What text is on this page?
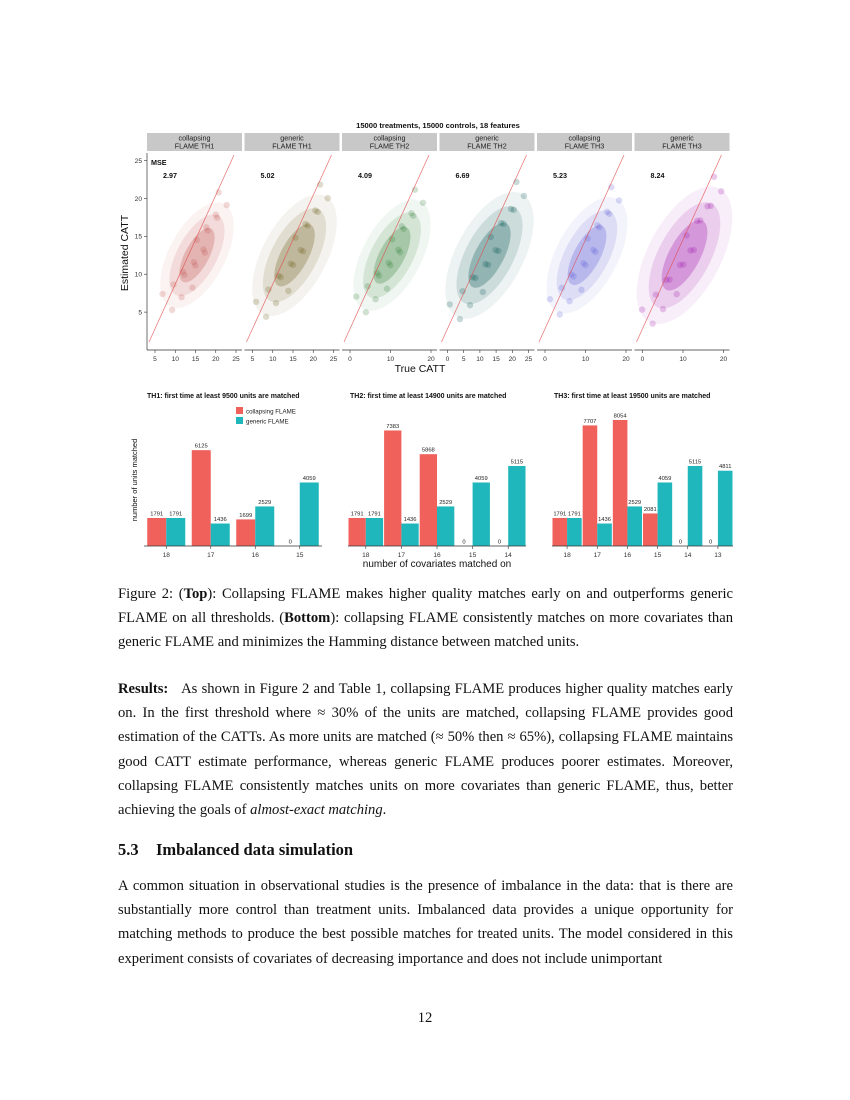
15000 treatments, 15000 controls, 18 features
collapsing
FLAME TH1
MSE
2.97
5 10 15 20 25
generic
FLAME TH1
5.02
5 10 15 20 25
collapsing
FLAME TH2
4.09
0	10	20
generic
FLAME TH2
6.69
0 5 10 15 20 25
collapsing
FLAME TH3
5.23
0	10	20
generic
FLAME TH3
8.24
0	10	20
25
20
15
10
5
Estimated CATT
True CATT
TH1: first time at least 9500 units are matched
1791 1791
18
6125
1436
17
1699
2529
16
0
4059
15
TH2: first time at least 14900 units are matched
1791 1791
18
7383
1436
17
5868
2529
16
0
4059
15
0
5115
14
TH3: first time at least 19500 units are matched
1791 1791
18
7707
1436
17
8054
2529
16
2081
4059
15
0
5115
14
0
4811
13
collapsing FLAME
generic FLAME
number of units matched
number of covariates matched on
Figure 2: (Top): Collapsing FLAME makes higher quality matches early on and outperforms generic FLAME on all thresholds. (Bottom): collapsing FLAME consistently matches on more covariates than generic FLAME and minimizes the Hamming distance between matched units.
Results: As shown in Figure 2 and Table 1, collapsing FLAME produces higher quality matches early on. In the first threshold where ≈ 30% of the units are matched, collapsing FLAME provides good estimation of the CATTs. As more units are matched (≈ 50% then ≈ 65%), collapsing FLAME maintains good CATT estimate performance, whereas generic FLAME produces poorer estimates. Moreover, collapsing FLAME consistently matches units on more covariates than generic FLAME, thus, better achieving the goals of almost-exact matching.
5.3 Imbalanced data simulation
A common situation in observational studies is the presence of imbalance in the data: that is there are substantially more control than treatment units. Imbalanced data provides a unique opportunity for matching methods to produce the best possible matches for treated units. The model considered in this experiment consists of covariates of decreasing importance and does not include unimportant
12
